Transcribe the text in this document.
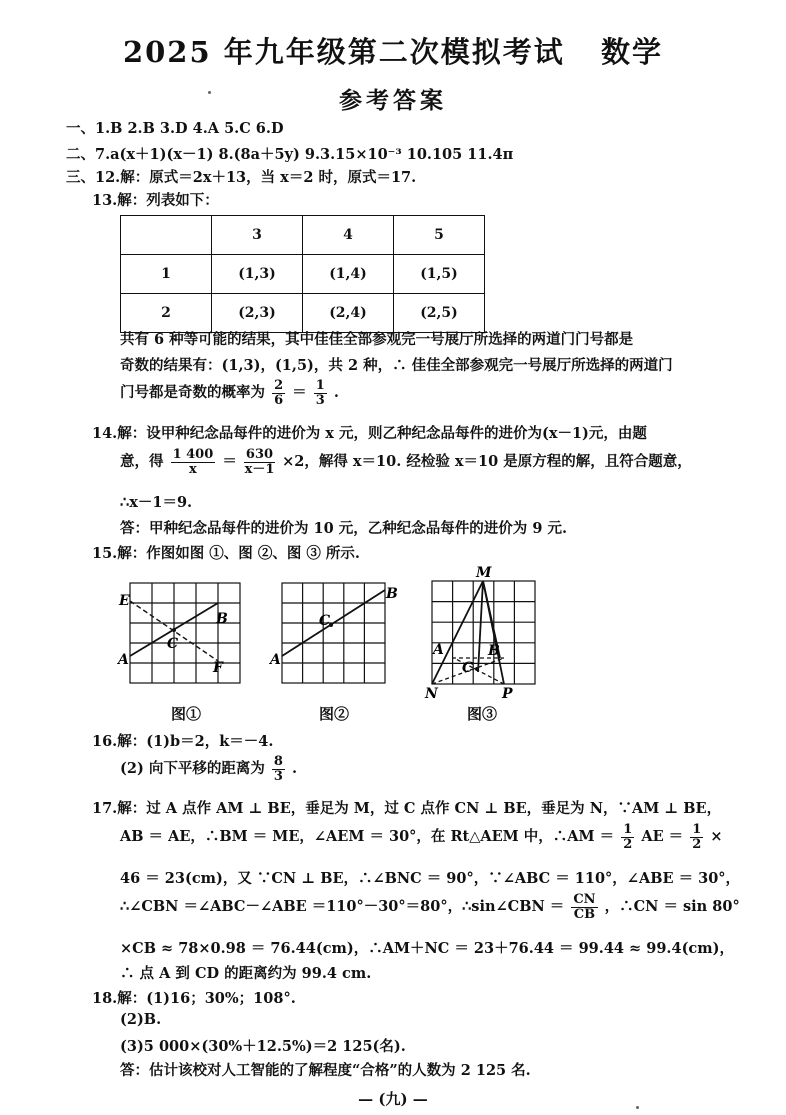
2025 年九年级第二次模拟考试   数学
参考答案
一、1.B 2.B 3.D 4.A 5.C 6.D
二、7.a(x＋1)(x－1) 8.(8a＋5y) 9.3.15×10⁻³ 10.105 11.4π
三、12.解：原式＝2x＋13，当 x＝2 时，原式＝17.
13.解：列表如下：
	3	4	5
1	(1,3)	(1,4)	(1,5)
2	(2,3)	(2,4)	(2,5)
共有 6 种等可能的结果，其中佳佳全部参观完一号展厅所选择的两道门门号都是
奇数的结果有：(1,3)，(1,5)，共 2 种，∴ 佳佳全部参观完一号展厅所选择的两道门
门号都是奇数的概率为 $\frac{2}{6} = \frac{1}{3}$ .
14.解：设甲种纪念品每件的进价为 x 元，则乙种纪念品每件的进价为(x－1)元，由题
意，得 $\frac{1 400}{x} = \frac{630}{x-1} \times 2$，解得 x＝10. 经检验 x＝10 是原方程的解，且符合题意，
∴x－1＝9.
答：甲种纪念品每件的进价为 10 元，乙种纪念品每件的进价为 9 元.
15.解：作图如图 ①、图 ②、图 ③ 所示.
E
B
C
A	F
图①
B
C
A
图②
M
A	B
C
N	P
图③
16.解：(1)b＝2，k＝－4.
(2) 向下平移的距离为 $\frac{8}{3}$ .
17.解：过 A 点作 AM ⊥ BE，垂足为 M，过 C 点作 CN ⊥ BE，垂足为 N，∵AM ⊥ BE，
AB ＝ AE，∴BM ＝ ME，∠AEM ＝ 30°，在 Rt△AEM 中，∴AM ＝ $\frac{1}{2}$ AE ＝ $\frac{1}{2}$ ×
46 ＝ 23(cm)，又 ∵CN ⊥ BE，∴∠BNC ＝ 90°，∵∠ABC ＝ 110°，∠ABE ＝ 30°，
∴∠CBN ＝∠ABC－∠ABE ＝110°－30°＝80°，∴sin∠CBN ＝ $\frac{CN}{CB}$ ，∴CN ＝ sin 80°
×CB ≈ 78×0.98 ＝ 76.44(cm)，∴AM＋NC ＝ 23＋76.44 ＝ 99.44 ≈ 99.4(cm)，
∴ 点 A 到 CD 的距离约为 99.4 cm.
18.解：(1)16；30%；108°.
(2)B.
(3)5 000×(30%＋12.5%)＝2 125(名).
答：估计该校对人工智能的了解程度“合格”的人数为 2 125 名.
— (九) —
